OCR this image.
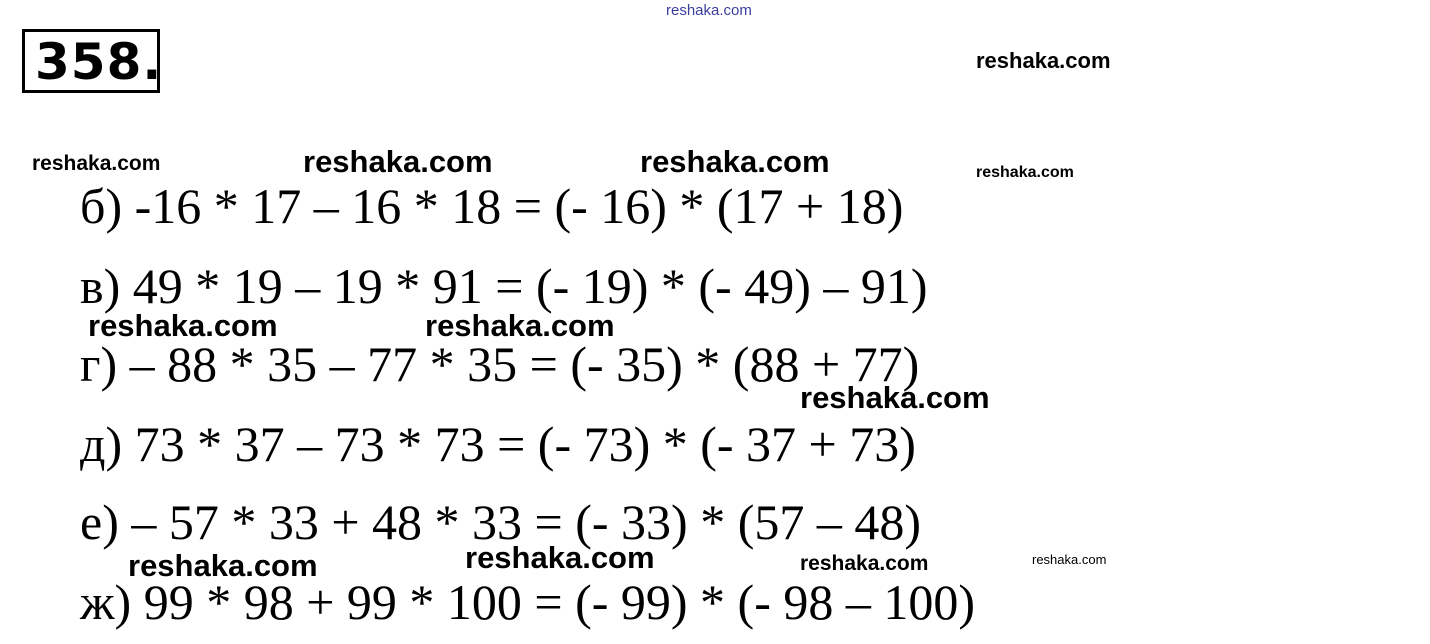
358.
reshaka.com
reshaka.com
reshaka.com	reshaka.com	reshaka.com	reshaka.com
reshaka.com	reshaka.com
reshaka.com
reshaka.com	reshaka.com	reshaka.com	reshaka.com
б) -16 * 17 – 16 * 18 = (- 16) * (17 + 18)
в) 49 * 19 – 19 * 91 = (- 19) * (- 49) – 91)
г) – 88 * 35 – 77 * 35 = (- 35) * (88 + 77)
д) 73 * 37 – 73 * 73 = (- 73) * (- 37 + 73)
е) – 57 * 33 + 48 * 33 = (- 33) * (57 – 48)
ж) 99 * 98 + 99 * 100 = (- 99) * (- 98 – 100)
